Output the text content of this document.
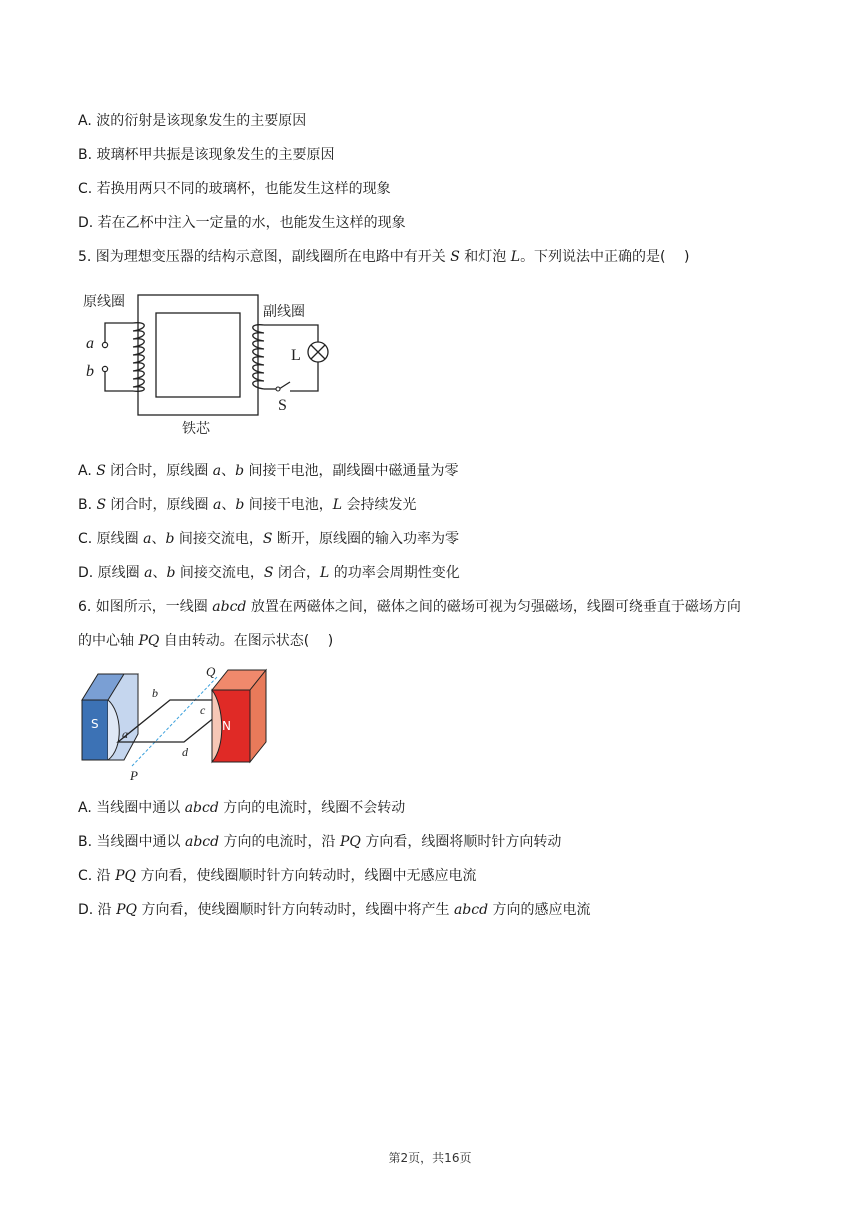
A. 波的衍射是该现象发生的主要原因
B. 玻璃杯甲共振是该现象发生的主要原因
C. 若换用两只不同的玻璃杯，也能发生这样的现象
D. 若在乙杯中注入一定量的水，也能发生这样的现象
5. 图为理想变压器的结构示意图，副线圈所在电路中有开关 S 和灯泡 L。下列说法中正确的是(　 )
原线圈
副线圈
铁芯
a
b
L
S
A. S 闭合时，原线圈 a、b 间接干电池，副线圈中磁通量为零
B. S 闭合时，原线圈 a、b 间接干电池，L 会持续发光
C. 原线圈 a、b 间接交流电，S 断开，原线圈的输入功率为零
D. 原线圈 a、b 间接交流电，S 闭合，L 的功率会周期性变化
6. 如图所示，一线圈 abcd 放置在两磁体之间，磁体之间的磁场可视为匀强磁场，线圈可绕垂直于磁场方向
的中心轴 PQ 自由转动。在图示状态(　 )
S	N
a
b
c
d
P
Q
A. 当线圈中通以 abcd 方向的电流时，线圈不会转动
B. 当线圈中通以 abcd 方向的电流时，沿 PQ 方向看，线圈将顺时针方向转动
C. 沿 PQ 方向看，使线圈顺时针方向转动时，线圈中无感应电流
D. 沿 PQ 方向看，使线圈顺时针方向转动时，线圈中将产生 abcd 方向的感应电流
第2页，共16页
